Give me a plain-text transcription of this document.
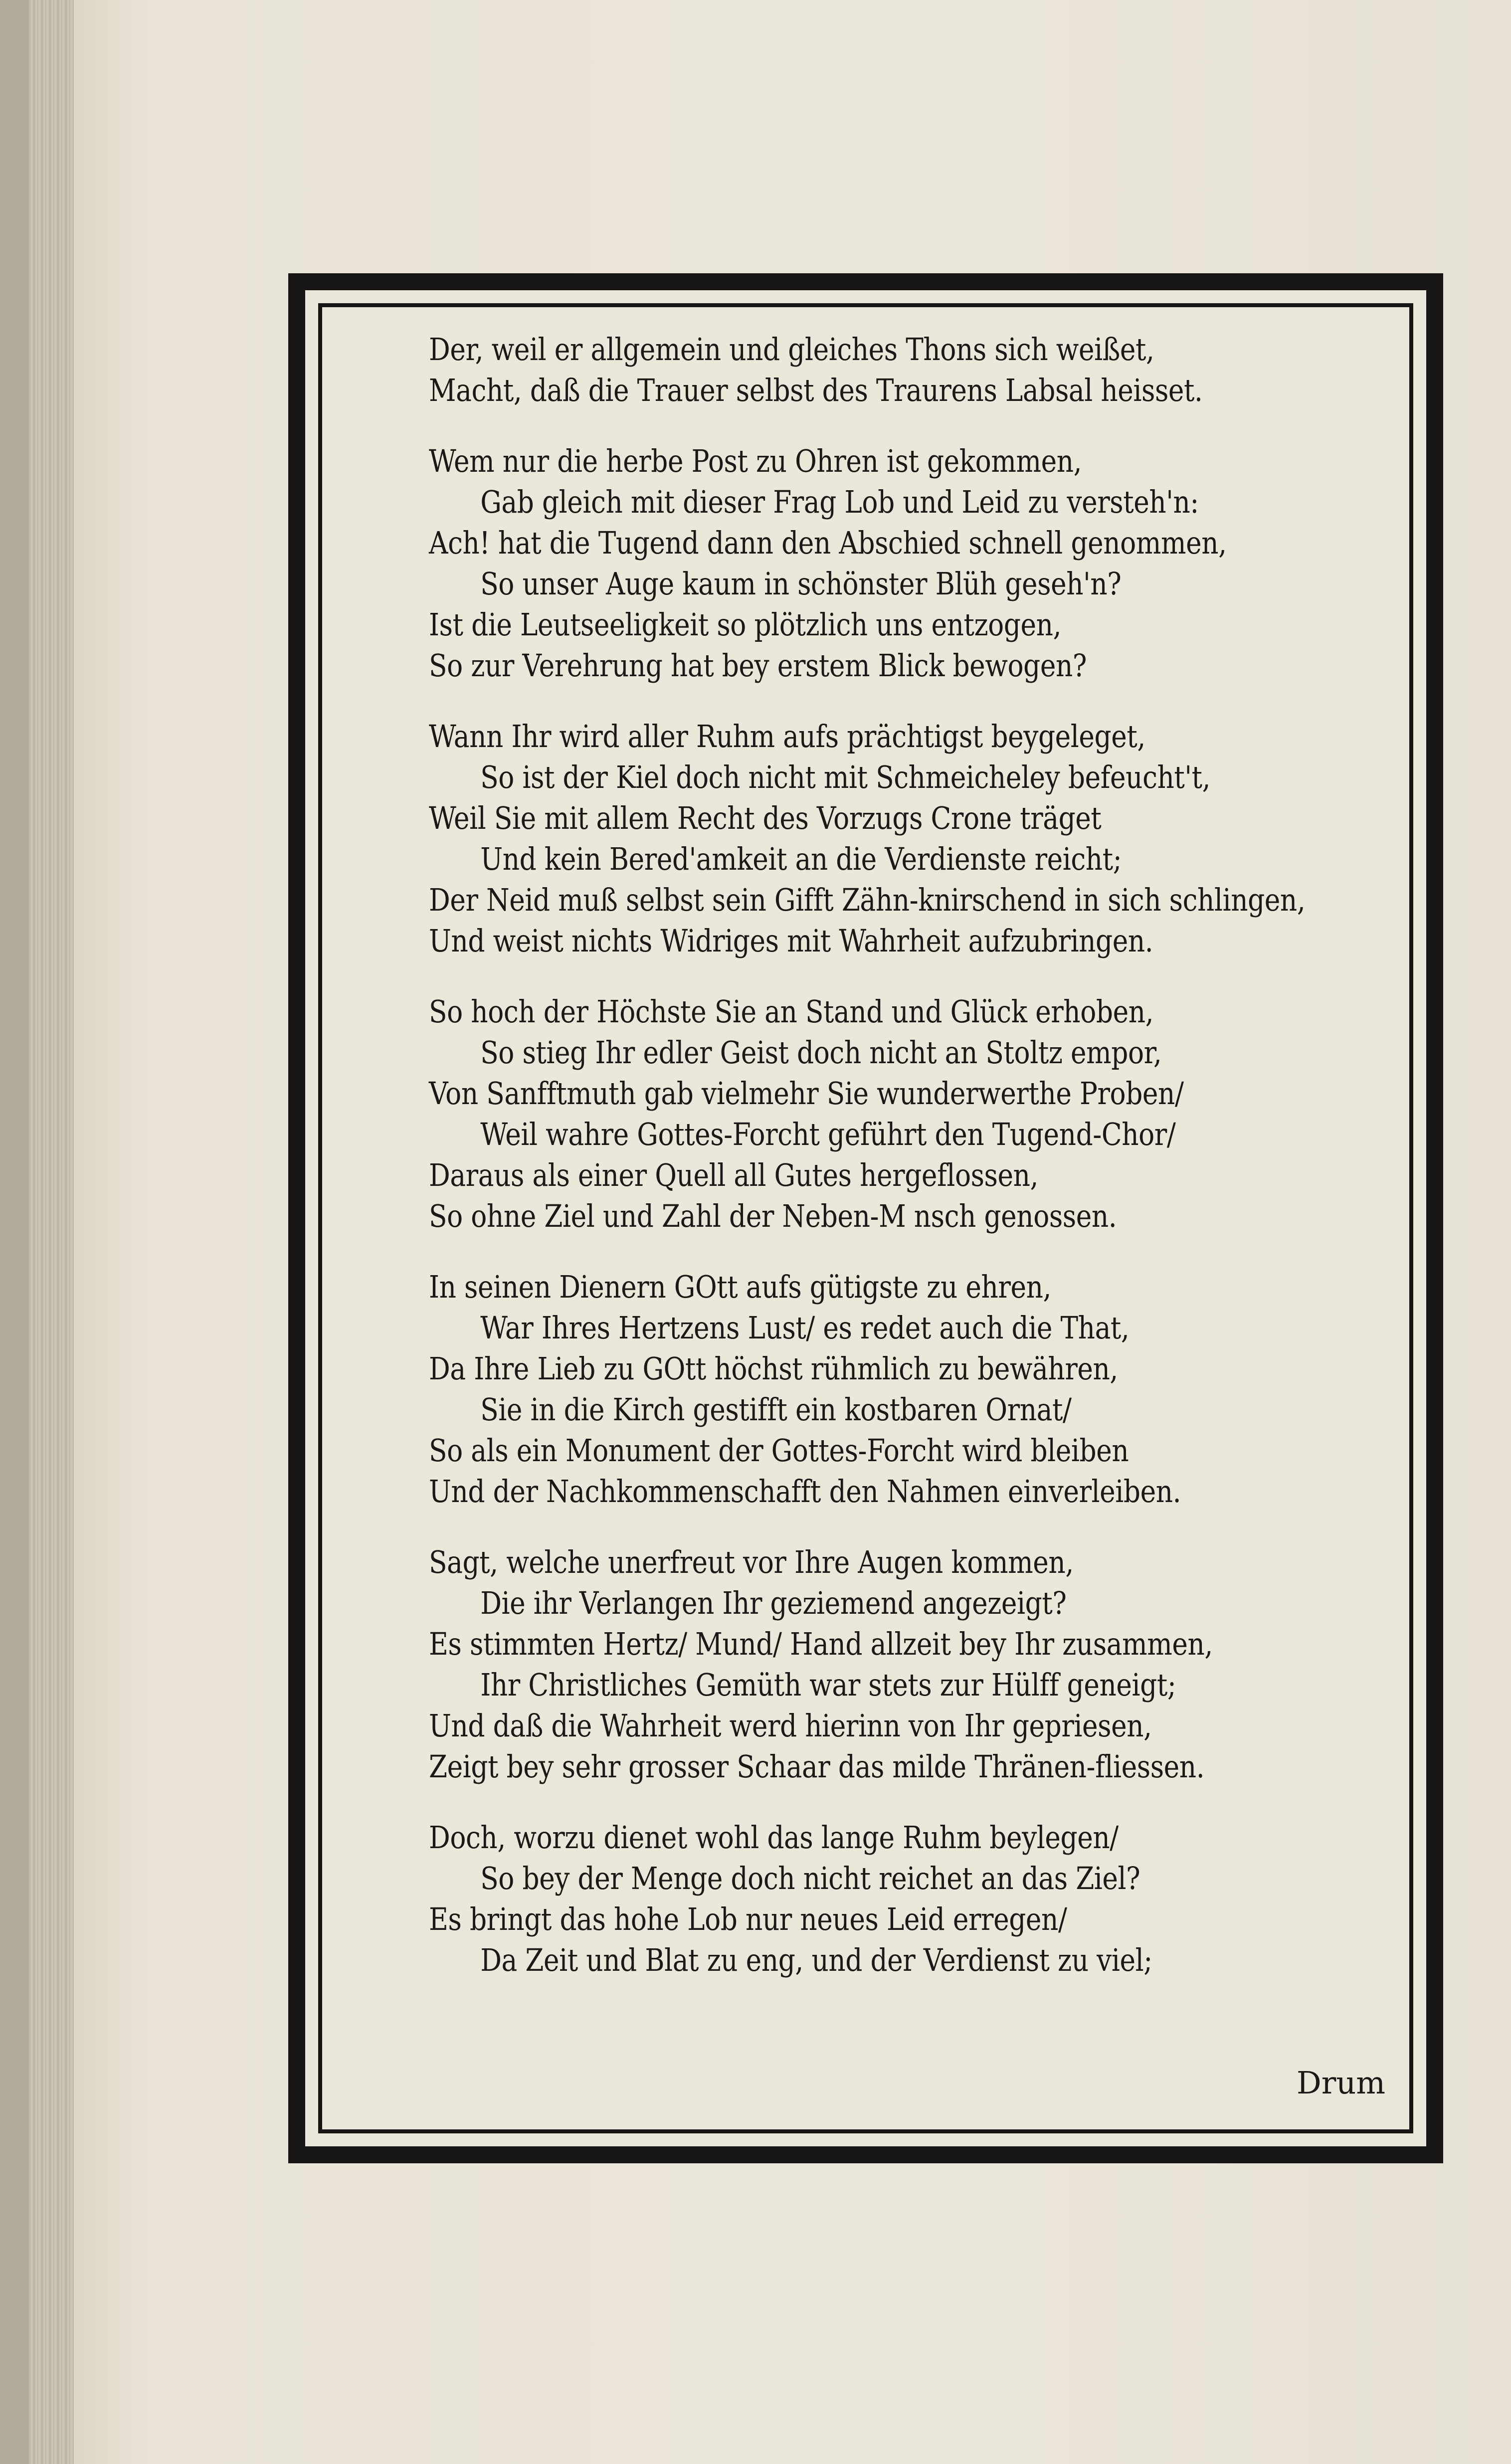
Der, weil er allgemein und gleiches Thons sich weißet,
Macht, daß die Trauer selbst des Traurens Labsal heisset.
Wem nur die herbe Post zu Ohren ist gekommen,
Gab gleich mit dieser Frag Lob und Leid zu versteh'n:
Ach! hat die Tugend dann den Abschied schnell genommen,
So unser Auge kaum in schönster Blüh geseh'n?
Ist die Leutseeligkeit so plötzlich uns entzogen,
So zur Verehrung hat bey erstem Blick bewogen?
Wann Ihr wird aller Ruhm aufs prächtigst beygeleget,
So ist der Kiel doch nicht mit Schmeicheley befeucht't,
Weil Sie mit allem Recht des Vorzugs Crone träget
Und kein Bered'amkeit an die Verdienste reicht;
Der Neid muß selbst sein Gifft Zähn-knirschend in sich schlingen,
Und weist nichts Widriges mit Wahrheit aufzubringen.
So hoch der Höchste Sie an Stand und Glück erhoben,
So stieg Ihr edler Geist doch nicht an Stoltz empor,
Von Sanfftmuth gab vielmehr Sie wunderwerthe Proben/
Weil wahre Gottes-Forcht geführt den Tugend-Chor/
Daraus als einer Quell all Gutes hergeflossen,
So ohne Ziel und Zahl der Neben-M nsch genossen.
In seinen Dienern GOtt aufs gütigste zu ehren,
War Ihres Hertzens Lust/ es redet auch die That,
Da Ihre Lieb zu GOtt höchst rühmlich zu bewähren,
Sie in die Kirch gestifft ein kostbaren Ornat/
So als ein Monument der Gottes-Forcht wird bleiben
Und der Nachkommenschafft den Nahmen einverleiben.
Sagt, welche unerfreut vor Ihre Augen kommen,
Die ihr Verlangen Ihr geziemend angezeigt?
Es stimmten Hertz/ Mund/ Hand allzeit bey Ihr zusammen,
Ihr Christliches Gemüth war stets zur Hülff geneigt;
Und daß die Wahrheit werd hierinn von Ihr gepriesen,
Zeigt bey sehr grosser Schaar das milde Thränen-fliessen.
Doch, worzu dienet wohl das lange Ruhm beylegen/
So bey der Menge doch nicht reichet an das Ziel?
Es bringt das hohe Lob nur neues Leid erregen/
Da Zeit und Blat zu eng, und der Verdienst zu viel;
Drum
